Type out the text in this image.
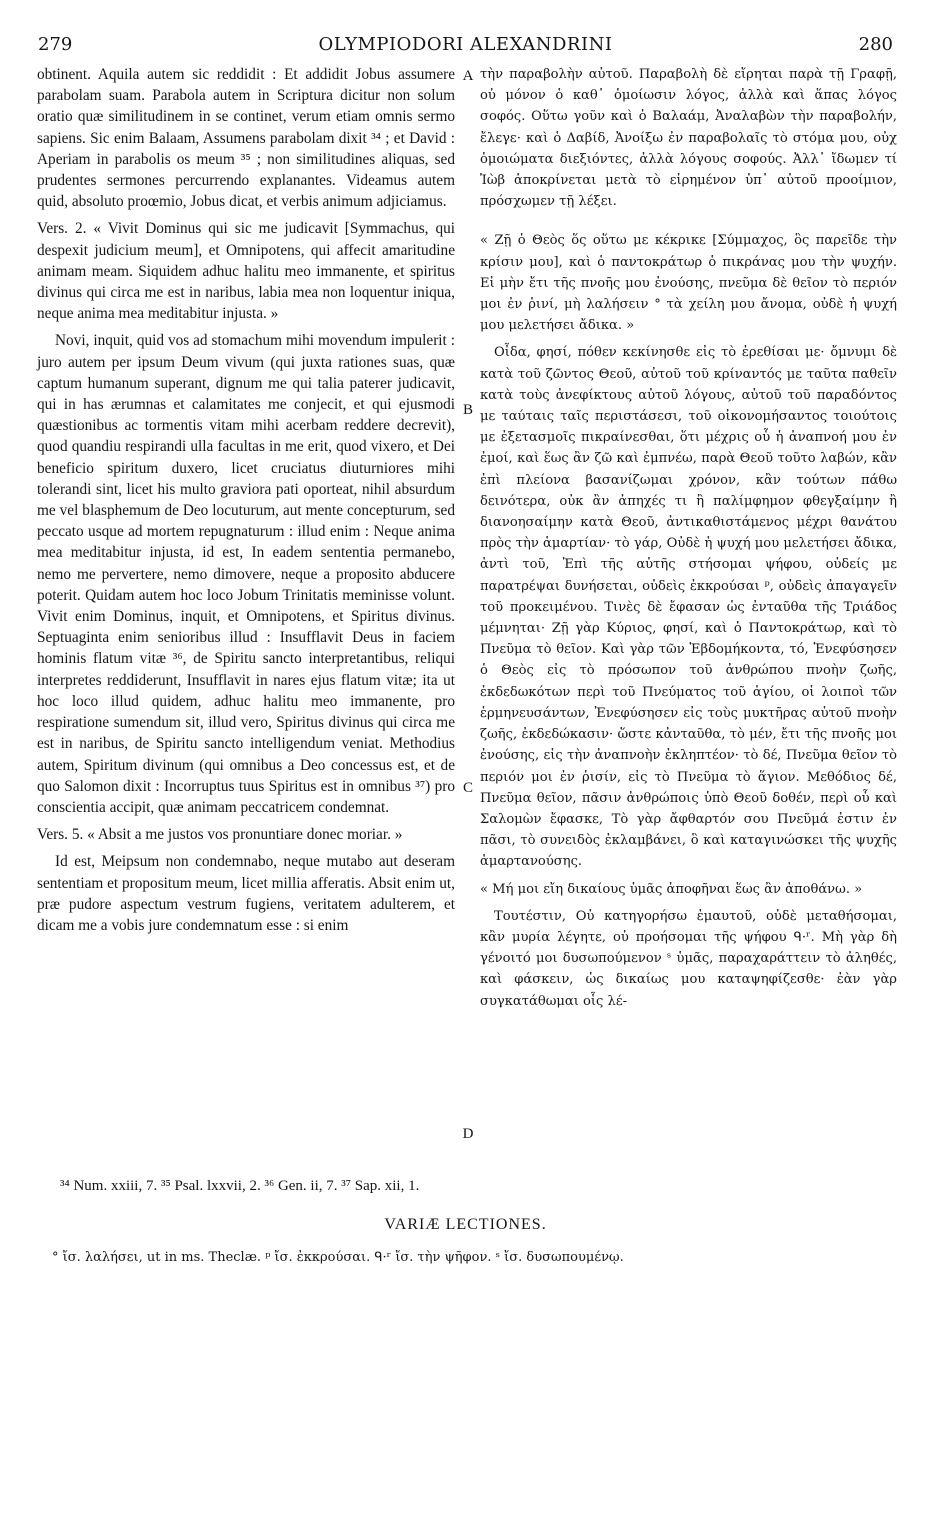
279	OLYMPIODORI ALEXANDRINI	280

obtinent. Aquila autem sic reddidit : Et addidit Jobus assumere parabolam suam. Parabola autem in Scriptura dicitur non solum oratio quæ similitudinem in se continet, verum etiam omnis sermo sapiens. Sic enim Balaam, Assumens parabolam dixit ³⁴ ; et David : Aperiam in parabolis os meum ³⁵ ; non similitudines aliquas, sed prudentes sermones percurrendo explanantes. Videamus autem quid, absoluto proœmio, Jobus dicat, et verbis animum adjiciamus.

Vers. 2. « Vivit Dominus qui sic me judicavit [Symmachus, qui despexit judicium meum], et Omnipotens, qui affecit amaritudine animam meam. Siquidem adhuc halitu meo immanente, et spiritus divinus qui circa me est in naribus, labia mea non loquentur iniqua, neque anima mea meditabitur injusta. »

Novi, inquit, quid vos ad stomachum mihi movendum impulerit : juro autem per ipsum Deum vivum (qui juxta rationes suas, quæ captum humanum superant, dignum me qui talia paterer judicavit, qui in has ærumnas et calamitates me conjecit, et qui ejusmodi quæstionibus ac tormentis vitam mihi acerbam reddere decrevit), quod quandiu respirandi ulla facultas in me erit, quod vixero, et Dei beneficio spiritum duxero, licet cruciatus diuturniores mihi tolerandi sint, licet his multo graviora pati oporteat, nihil absurdum me vel blasphemum de Deo locuturum, aut mente concepturum, sed peccato usque ad mortem repugnaturum : illud enim : Neque anima mea meditabitur injusta, id est, In eadem sententia permanebo, nemo me pervertere, nemo dimovere, neque a proposito abducere poterit. Quidam autem hoc loco Jobum Trinitatis meminisse volunt. Vivit enim Dominus, inquit, et Omnipotens, et Spiritus divinus. Septuaginta enim senioribus illud : Insufflavit Deus in faciem hominis flatum vitæ ³⁶, de Spiritu sancto interpretantibus, reliqui interpretes reddiderunt, Insufflavit in nares ejus flatum vitæ; ita ut hoc loco illud quidem, adhuc halitu meo immanente, pro respiratione sumendum sit, illud vero, Spiritus divinus qui circa me est in naribus, de Spiritu sancto intelligendum veniat. Methodius autem, Spiritum divinum (qui omnibus a Deo concessus est, et de quo Salomon dixit : Incorruptus tuus Spiritus est in omnibus ³⁷) pro conscientia accipit, quæ animam peccatricem condemnat.

Vers. 5. « Absit a me justos vos pronuntiare donec moriar. »

Id est, Meipsum non condemnabo, neque mutabo aut deseram sententiam et propositum meum, licet millia afferatis. Absit enim ut, præ pudore aspectum vestrum fugiens, veritatem adulterem, et dicam me a vobis jure condemnatum esse : si enim

τὴν παραβολὴν αὐτοῦ. Παραβολὴ δὲ εἴρηται παρὰ τῇ Γραφῇ, οὐ μόνον ὁ καθ᾽ ὁμοίωσιν λόγος, ἀλλὰ καὶ ἅπας λόγος σοφός. Οὕτω γοῦν καὶ ὁ Βαλαάμ, Ἀναλαβὼν τὴν παραβολήν, ἔλεγε· καὶ ὁ Δαβίδ, Ἀνοίξω ἐν παραβολαῖς τὸ στόμα μου, οὐχ ὁμοιώματα διεξιόντες, ἀλλὰ λόγους σοφούς. Ἀλλ᾽ ἴδωμεν τί Ἰὼβ ἀποκρίνεται μετὰ τὸ εἰρημένον ὑπ᾽ αὐτοῦ προοίμιον, πρόσχωμεν τῇ λέξει.

« Ζῇ ὁ Θεὸς ὅς οὕτω με κέκρικε [Σύμμαχος, ὃς παρεῖδε τὴν κρίσιν μου], καὶ ὁ παντοκράτωρ ὁ πικράνας μου τὴν ψυχήν. Εἰ μὴν ἔτι τῆς πνοῆς μου ἐνούσης, πνεῦμα δὲ θεῖον τὸ περιόν μοι ἐν ῥινί, μὴ λαλήσειν ° τὰ χείλη μου ἄνομα, οὐδὲ ἡ ψυχή μου μελετήσει ἄδικα. »

Οἶδα, φησί, πόθεν κεκίνησθε εἰς τὸ ἐρεθίσαι με· ὄμνυμι δὲ κατὰ τοῦ ζῶντος Θεοῦ, αὐτοῦ τοῦ κρίναντός με ταῦτα παθεῖν κατὰ τοὺς ἀνεφίκτους αὐτοῦ λόγους, αὐτοῦ τοῦ παραδόντος με ταύταις ταῖς περιστάσεσι, τοῦ οἰκονομήσαντος τοιούτοις με ἐξετασμοῖς πικραίνεσθαι, ὅτι μέχρις οὗ ἡ ἀναπνοή μου ἐν ἐμοί, καὶ ἕως ἂν ζῶ καὶ ἐμπνέω, παρὰ Θεοῦ τοῦτο λαβών, κἂν ἐπὶ πλείονα βασανίζωμαι χρόνον, κἂν τούτων πάθω δεινότερα, οὐκ ἂν ἀπηχές τι ἢ παλίμφημον φθεγξαίμην ἢ διανοησαίμην κατὰ Θεοῦ, ἀντικαθιστάμενος μέχρι θανάτου πρὸς τὴν ἁμαρτίαν· τὸ γάρ, Οὐδὲ ἡ ψυχή μου μελετήσει ἄδικα, ἀντὶ τοῦ, Ἐπὶ τῆς αὐτῆς στήσομαι ψήφου, οὐδείς με παρατρέψαι δυνήσεται, οὐδεὶς ἐκκρούσαι ᵖ, οὐδεὶς ἀπαγαγεῖν τοῦ προκειμένου. Τινὲς δὲ ἔφασαν ὡς ἐνταῦθα τῆς Τριάδος μέμνηται· Ζῇ γὰρ Κύριος, φησί, καὶ ὁ Παντοκράτωρ, καὶ τὸ Πνεῦμα τὸ θεῖον. Καὶ γὰρ τῶν Ἑβδομήκοντα, τό, Ἐνεφύσησεν ὁ Θεὸς εἰς τὸ πρόσωπον τοῦ ἀνθρώπου πνοὴν ζωῆς, ἐκδεδωκότων περὶ τοῦ Πνεύματος τοῦ ἁγίου, οἱ λοιποὶ τῶν ἑρμηνευσάντων, Ἐνεφύσησεν εἰς τοὺς μυκτῆρας αὐτοῦ πνοὴν ζωῆς, ἐκδεδώκασιν· ὥστε κἀνταῦθα, τὸ μέν, ἔτι τῆς πνοῆς μοι ἐνούσης, εἰς τὴν ἀναπνοὴν ἐκληπτέον· τὸ δέ, Πνεῦμα θεῖον τὸ περιόν μοι ἐν ῥισίν, εἰς τὸ Πνεῦμα τὸ ἅγιον. Μεθόδιος δέ, Πνεῦμα θεῖον, πᾶσιν ἀνθρώποις ὑπὸ Θεοῦ δοθέν, περὶ οὗ καὶ Σαλομὼν ἔφασκε, Τὸ γὰρ ἄφθαρτόν σου Πνεῦμά ἐστιν ἐν πᾶσι, τὸ συνειδὸς ἐκλαμβάνει, ὃ καὶ καταγινώσκει τῆς ψυχῆς ἁμαρτανούσης.

« Μή μοι εἴη δικαίους ὑμᾶς ἀποφῆναι ἕως ἂν ἀποθάνω. »

Τουτέστιν, Οὐ κατηγορήσω ἐμαυτοῦ, οὐδὲ μεταθήσομαι, κἂν μυρία λέγητε, οὐ προήσομαι τῆς ψήφου ᑫ·ʳ. Μὴ γὰρ δὴ γένοιτό μοι δυσωπούμενον ˢ ὑμᾶς, παραχαράττειν τὸ ἀληθές, καὶ φάσκειν, ὡς δικαίως μου καταψηφίζεσθε· ἐὰν γὰρ συγκατάθωμαι οἷς λέ-

A
B
C
D
³⁴ Num. xxiii, 7. ³⁵ Psal. lxxvii, 2. ³⁶ Gen. ii, 7. ³⁷ Sap. xii, 1.
VARIÆ LECTIONES.
° ἴσ. λαλήσει, ut in ms. Theclæ. ᵖ ἴσ. ἐκκρούσαι. ᑫ·ʳ ἴσ. τὴν ψῆφον. ˢ ἴσ. δυσωπουμένῳ.
